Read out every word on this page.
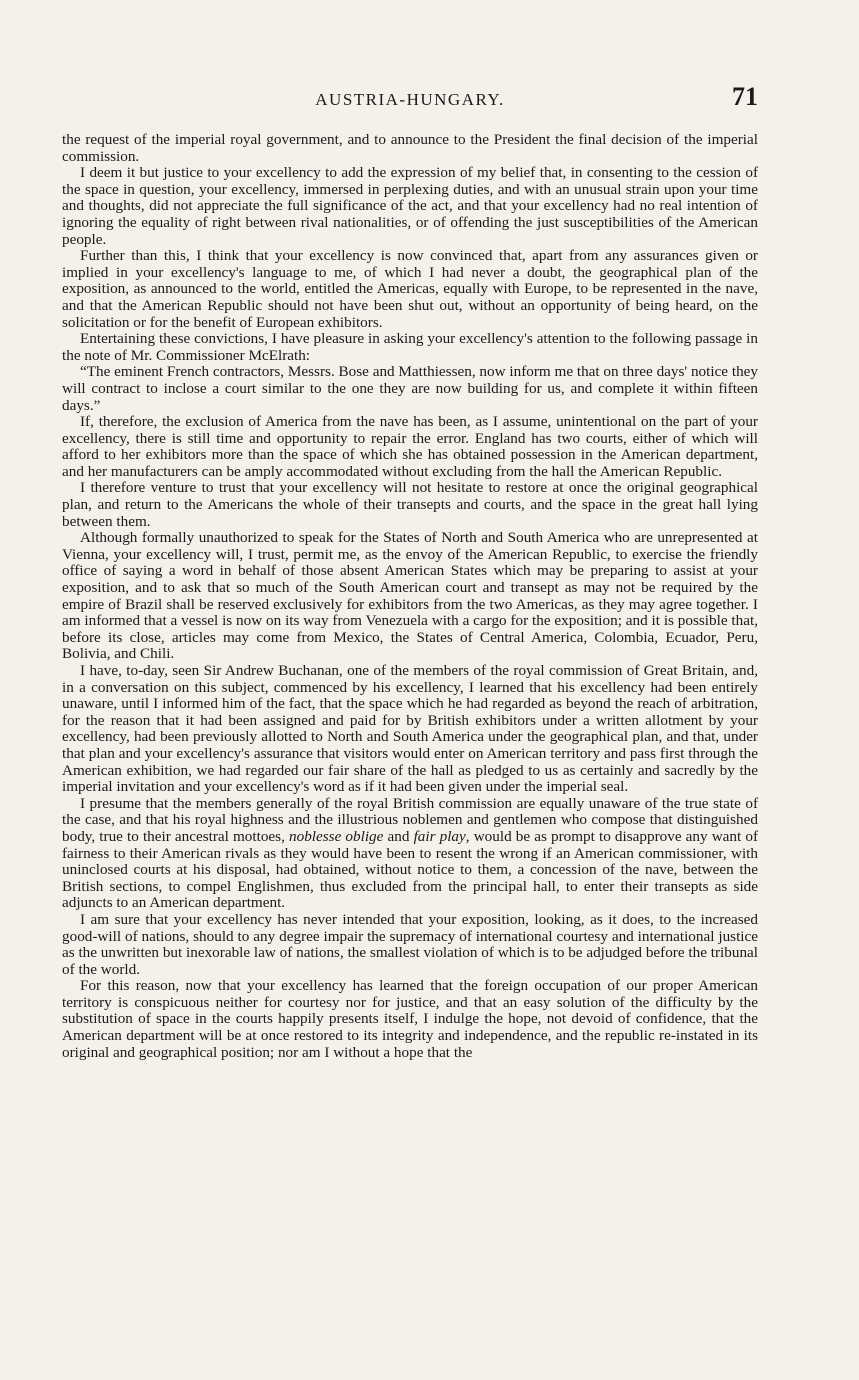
AUSTRIA-HUNGARY.	71

the request of the imperial royal government, and to announce to the President the final decision of the imperial commission.

I deem it but justice to your excellency to add the expression of my belief that, in consenting to the cession of the space in question, your excellency, immersed in perplexing duties, and with an unusual strain upon your time and thoughts, did not appreciate the full significance of the act, and that your excellency had no real intention of ignoring the equality of right between rival nationalities, or of offending the just susceptibilities of the American people.

Further than this, I think that your excellency is now convinced that, apart from any assurances given or implied in your excellency's language to me, of which I had never a doubt, the geographical plan of the exposition, as announced to the world, entitled the Americas, equally with Europe, to be represented in the nave, and that the American Republic should not have been shut out, without an opportunity of being heard, on the solicitation or for the benefit of European exhibitors.

Entertaining these convictions, I have pleasure in asking your excellency's attention to the following passage in the note of Mr. Commissioner McElrath:

“The eminent French contractors, Messrs. Bose and Matthiessen, now inform me that on three days' notice they will contract to inclose a court similar to the one they are now building for us, and complete it within fifteen days.”

If, therefore, the exclusion of America from the nave has been, as I assume, unintentional on the part of your excellency, there is still time and opportunity to repair the error. England has two courts, either of which will afford to her exhibitors more than the space of which she has obtained possession in the American department, and her manufacturers can be amply accommodated without excluding from the hall the American Republic.

I therefore venture to trust that your excellency will not hesitate to restore at once the original geographical plan, and return to the Americans the whole of their transepts and courts, and the space in the great hall lying between them.

Although formally unauthorized to speak for the States of North and South America who are unrepresented at Vienna, your excellency will, I trust, permit me, as the envoy of the American Republic, to exercise the friendly office of saying a word in behalf of those absent American States which may be preparing to assist at your exposition, and to ask that so much of the South American court and transept as may not be required by the empire of Brazil shall be reserved exclusively for exhibitors from the two Americas, as they may agree together. I am informed that a vessel is now on its way from Venezuela with a cargo for the exposition; and it is possible that, before its close, articles may come from Mexico, the States of Central America, Colombia, Ecuador, Peru, Bolivia, and Chili.

I have, to-day, seen Sir Andrew Buchanan, one of the members of the royal commission of Great Britain, and, in a conversation on this subject, commenced by his excellency, I learned that his excellency had been entirely unaware, until I informed him of the fact, that the space which he had regarded as beyond the reach of arbitration, for the reason that it had been assigned and paid for by British exhibitors under a written allotment by your excellency, had been previously allotted to North and South America under the geographical plan, and that, under that plan and your excellency's assurance that visitors would enter on American territory and pass first through the American exhibition, we had regarded our fair share of the hall as pledged to us as certainly and sacredly by the imperial invitation and your excellency's word as if it had been given under the imperial seal.

I presume that the members generally of the royal British commission are equally unaware of the true state of the case, and that his royal highness and the illustrious noblemen and gentlemen who compose that distinguished body, true to their ancestral mottoes, noblesse oblige and fair play, would be as prompt to disapprove any want of fairness to their American rivals as they would have been to resent the wrong if an American commissioner, with uninclosed courts at his disposal, had obtained, without notice to them, a concession of the nave, between the British sections, to compel Englishmen, thus excluded from the principal hall, to enter their transepts as side adjuncts to an American department.

I am sure that your excellency has never intended that your exposition, looking, as it does, to the increased good-will of nations, should to any degree impair the supremacy of international courtesy and international justice as the unwritten but inexorable law of nations, the smallest violation of which is to be adjudged before the tribunal of the world.

For this reason, now that your excellency has learned that the foreign occupation of our proper American territory is conspicuous neither for courtesy nor for justice, and that an easy solution of the difficulty by the substitution of space in the courts happily presents itself, I indulge the hope, not devoid of confidence, that the American department will be at once restored to its integrity and independence, and the republic re-instated in its original and geographical position; nor am I without a hope that the
